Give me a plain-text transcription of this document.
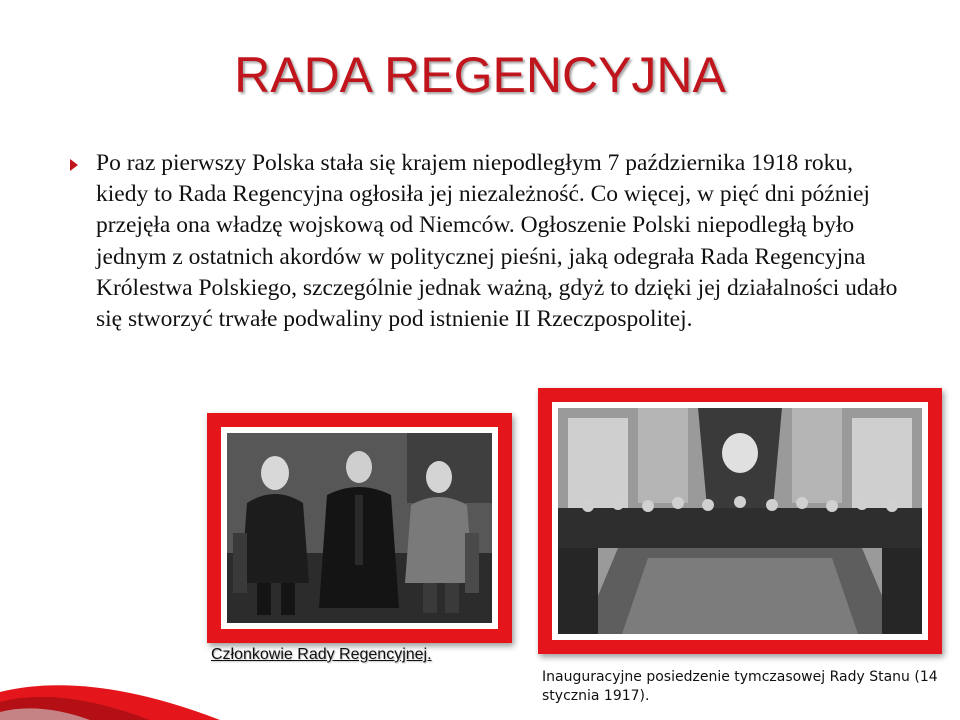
RADA REGENCYJNA
Po raz pierwszy Polska stała się krajem niepodległym 7 października 1918 roku, kiedy to Rada Regencyjna ogłosiła jej niezależność. Co więcej, w pięć dni później przejęła ona władzę wojskową od Niemców. Ogłoszenie Polski niepodległą było jednym z ostatnich akordów w politycznej pieśni, jaką odegrała Rada Regencyjna Królestwa Polskiego, szczególnie jednak ważną, gdyż to dzięki jej działalności udało się stworzyć trwałe podwaliny pod istnienie II Rzeczpospolitej.
Członkowie Rady Regencyjnej.
Inauguracyjne posiedzenie tymczasowej Rady Stanu (14 stycznia 1917).
